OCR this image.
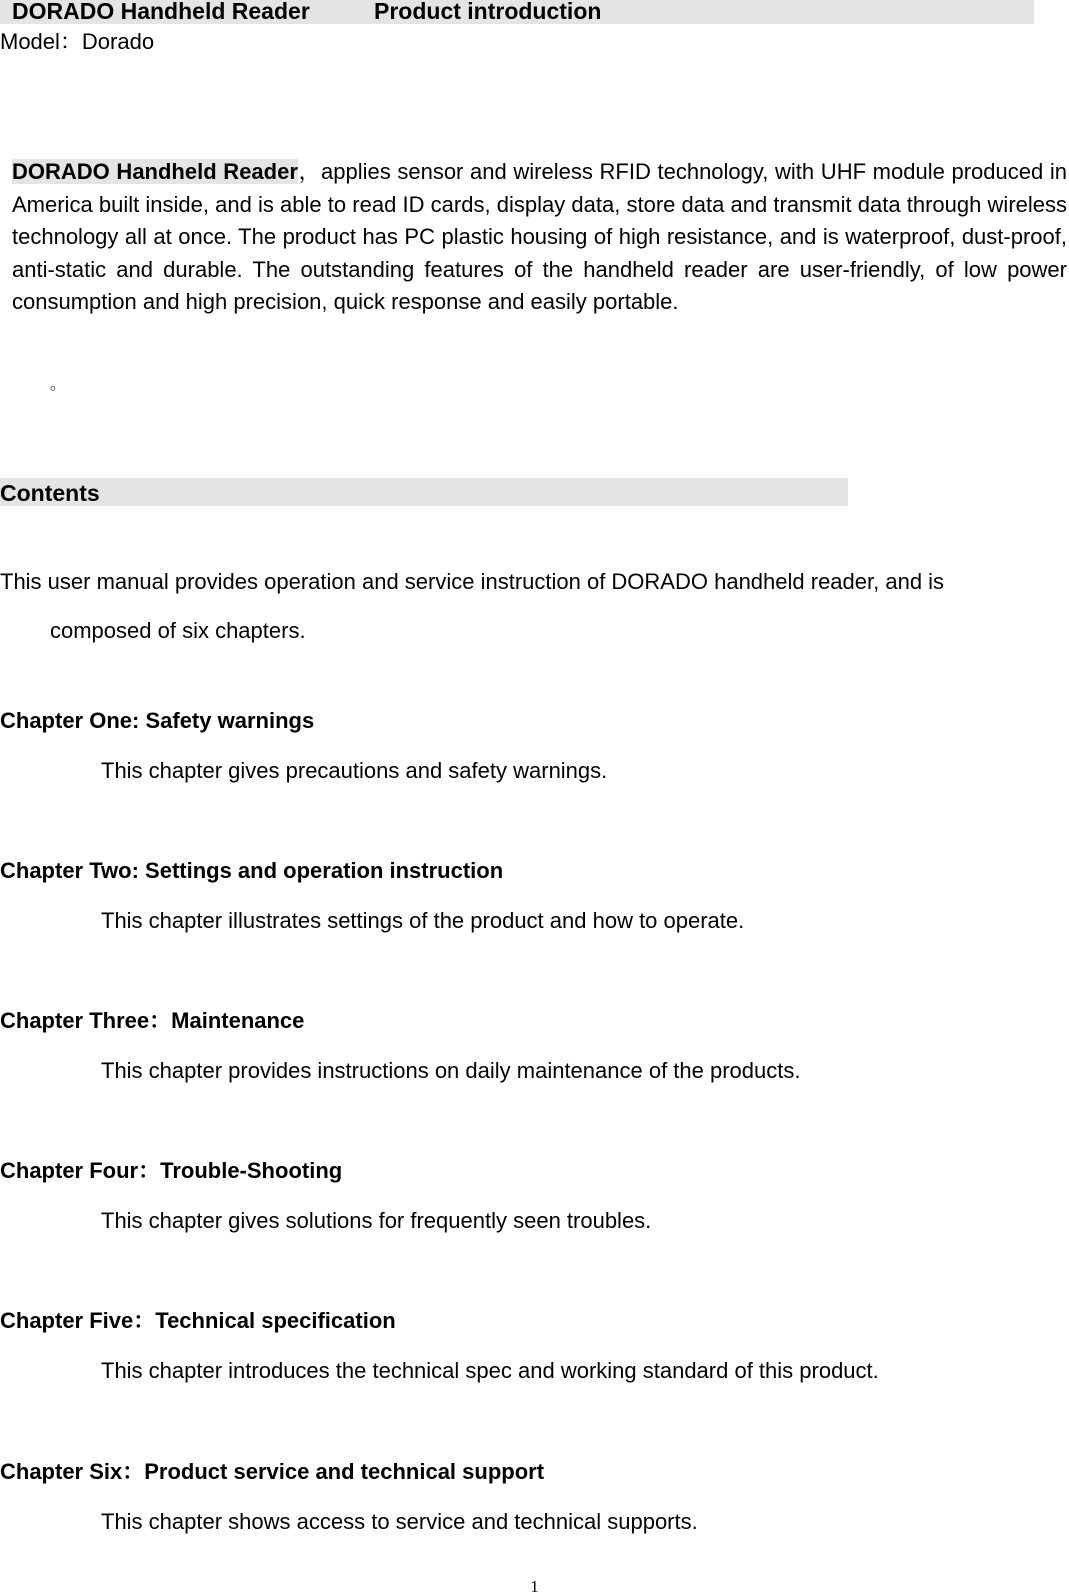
DORADO Handheld Reader	Product introduction
Model：Dorado
DORADO Handheld Reader，applies sensor and wireless RFID technology, with UHF module produced in America built inside, and is able to read ID cards, display data, store data and transmit data through wireless technology all at once. The product has PC plastic housing of high resistance, and is waterproof, dust-proof, anti-static and durable. The outstanding features of the handheld reader are user-friendly, of low power consumption and high precision, quick response and easily portable.
。
Contents
This user manual provides operation and service instruction of DORADO handheld reader, and is
composed of six chapters.
Chapter One: Safety warnings
This chapter gives precautions and safety warnings.
Chapter Two: Settings and operation instruction
This chapter illustrates settings of the product and how to operate.
Chapter Three：Maintenance
This chapter provides instructions on daily maintenance of the products.
Chapter Four：Trouble-Shooting
This chapter gives solutions for frequently seen troubles.
Chapter Five：Technical specification
This chapter introduces the technical spec and working standard of this product.
Chapter Six：Product service and technical support
This chapter shows access to service and technical supports.
1
